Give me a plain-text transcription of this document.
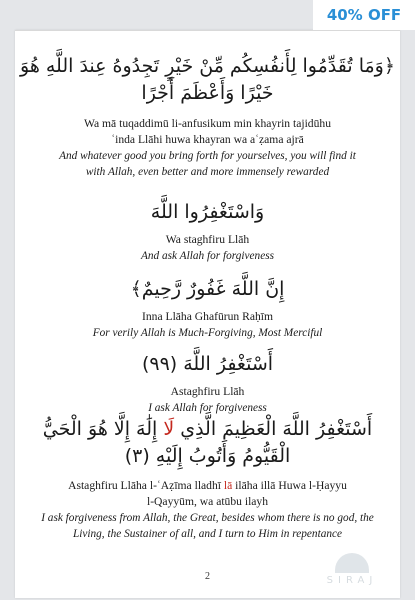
40% OFF
﴿وَمَا تُقَدِّمُوا لِأَنفُسِكُم مِّنْ خَيْرٍ تَجِدُوهُ عِندَ اللَّهِ هُوَ خَيْرًا وَأَعْظَمَ أَجْرًا
Wa mā tuqaddimū li-anfusikum min khayrin tajidūhu
ʿinda Llāhi huwa khayran wa aʿẓama ajrā
And whatever good you bring forth for yourselves, you will find it
with Allah, even better and more immensely rewarded
وَاسْتَغْفِرُوا اللَّهَ
Wa staghfiru Llāh
And ask Allah for forgiveness
إِنَّ اللَّهَ غَفُورٌ رَّحِيمٌ﴾
Inna Llāha Ghafūrun Raḥīm
For verily Allah is Much-Forgiving, Most Merciful
أَسْتَغْفِرُ اللَّهَ (٩٩)
Astaghfiru Llāh
I ask Allah for forgiveness
أَسْتَغْفِرُ اللَّهَ الْعَظِيمَ الَّذِي لَا إِلَٰهَ إِلَّا هُوَ الْحَيُّ الْقَيُّومُ وَأَتُوبُ إِلَيْهِ (٣)
Astaghfiru Llāha l-ʿAẓīma lladhī lā ilāha illā Huwa l-Ḥayyu
l-Qayyūm, wa atūbu ilayh
I ask forgiveness from Allah, the Great, besides whom there is no god, the
Living, the Sustainer of all, and I turn to Him in repentance
2	SIRAJ
